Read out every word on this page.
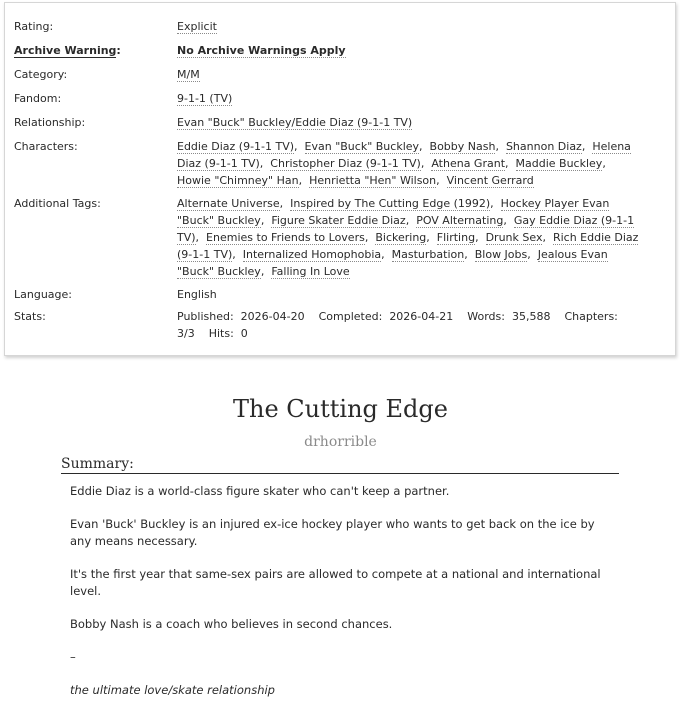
Rating:	Explicit
Archive Warning:	No Archive Warnings Apply
Category:	M/M
Fandom:	9-1-1 (TV)
Relationship:	Evan "Buck" Buckley/Eddie Diaz (9-1-1 TV)
Characters:	Eddie Diaz (9-1-1 TV),  Evan "Buck" Buckley,  Bobby Nash,  Shannon Diaz,  Helena Diaz (9-1-1 TV),  Christopher Diaz (9-1-1 TV),  Athena Grant,  Maddie Buckley,  Howie "Chimney" Han,  Henrietta "Hen" Wilson,  Vincent Gerrard
Additional Tags:	Alternate Universe,  Inspired by The Cutting Edge (1992),  Hockey Player Evan "Buck" Buckley,  Figure Skater Eddie Diaz,  POV Alternating,  Gay Eddie Diaz (9-1-1 TV),  Enemies to Friends to Lovers,  Bickering,  Flirting,  Drunk Sex,  Rich Eddie Diaz (9-1-1 TV),  Internalized Homophobia,  Masturbation,  Blow Jobs,  Jealous Evan "Buck" Buckley,  Falling In Love
Language:	English
Stats:	Published: 2026-04-20 Completed: 2026-04-21 Words: 35,588 Chapters: 3/3 Hits: 0
The Cutting Edge
drhorrible
Summary:

Eddie Diaz is a world-class figure skater who can't keep a partner.

Evan 'Buck' Buckley is an injured ex-ice hockey player who wants to get back on the ice by any means necessary.

It's the first year that same-sex pairs are allowed to compete at a national and international level.

Bobby Nash is a coach who believes in second chances.

–

the ultimate love/skate relationship
